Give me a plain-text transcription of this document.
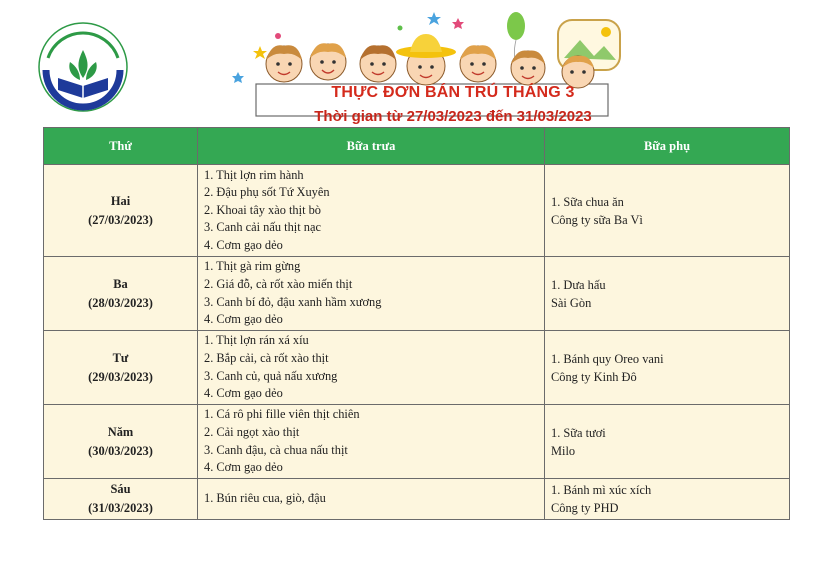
THỰC ĐƠN BÁN TRÚ THÁNG 3
Thời gian từ 27/03/2023 đến 31/03/2023
Thứ	Bữa trưa	Bữa phụ

Hai
(27/03/2023)	1. Thịt lợn rim hành
2. Đậu phụ sốt Tứ Xuyên
2. Khoai tây xào thịt bò
3. Canh cải nấu thịt nạc
4. Cơm gạo dẻo	1. Sữa chua ăn
Công ty sữa Ba Vì

Ba
(28/03/2023)	1. Thịt gà rim gừng
2. Giá đỗ, cà rốt xào miến thịt
3. Canh bí đỏ, đậu xanh hầm xương
4. Cơm gạo dẻo	1. Dưa hấu
Sài Gòn

Tư
(29/03/2023)	1. Thịt lợn rán xá xíu
2. Bắp cải, cà rốt xào thịt
3. Canh củ, quả nấu xương
4. Cơm gạo dẻo	1. Bánh quy Oreo vani
Công ty Kinh Đô

Năm
(30/03/2023)	1. Cá rô phi fille viên thịt chiên
2. Cải ngọt xào thịt
3. Canh đậu, cà chua nấu thịt
4. Cơm gạo dẻo	1. Sữa tươi
Milo

Sáu
(31/03/2023)	1. Bún riêu cua, giò, đậu	1. Bánh mì xúc xích
Công ty PHD
